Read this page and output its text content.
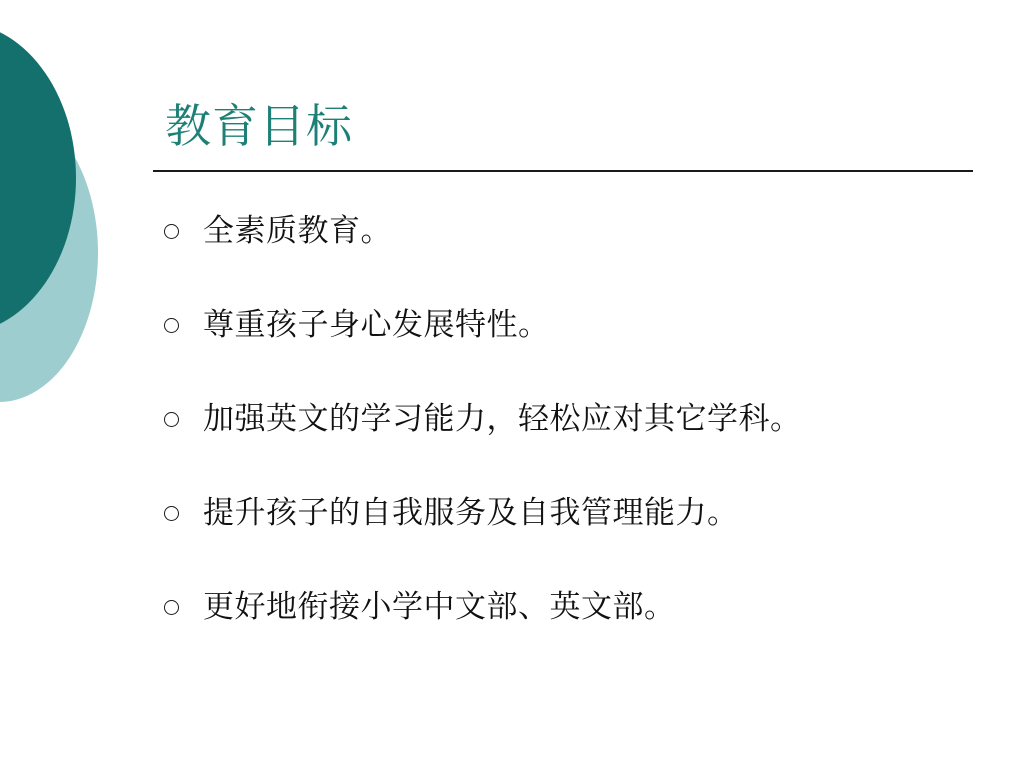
教育目标
全素质教育。
尊重孩子身心发展特性。
加强英文的学习能力，轻松应对其它学科。
提升孩子的自我服务及自我管理能力。
更好地衔接小学中文部、英文部。
